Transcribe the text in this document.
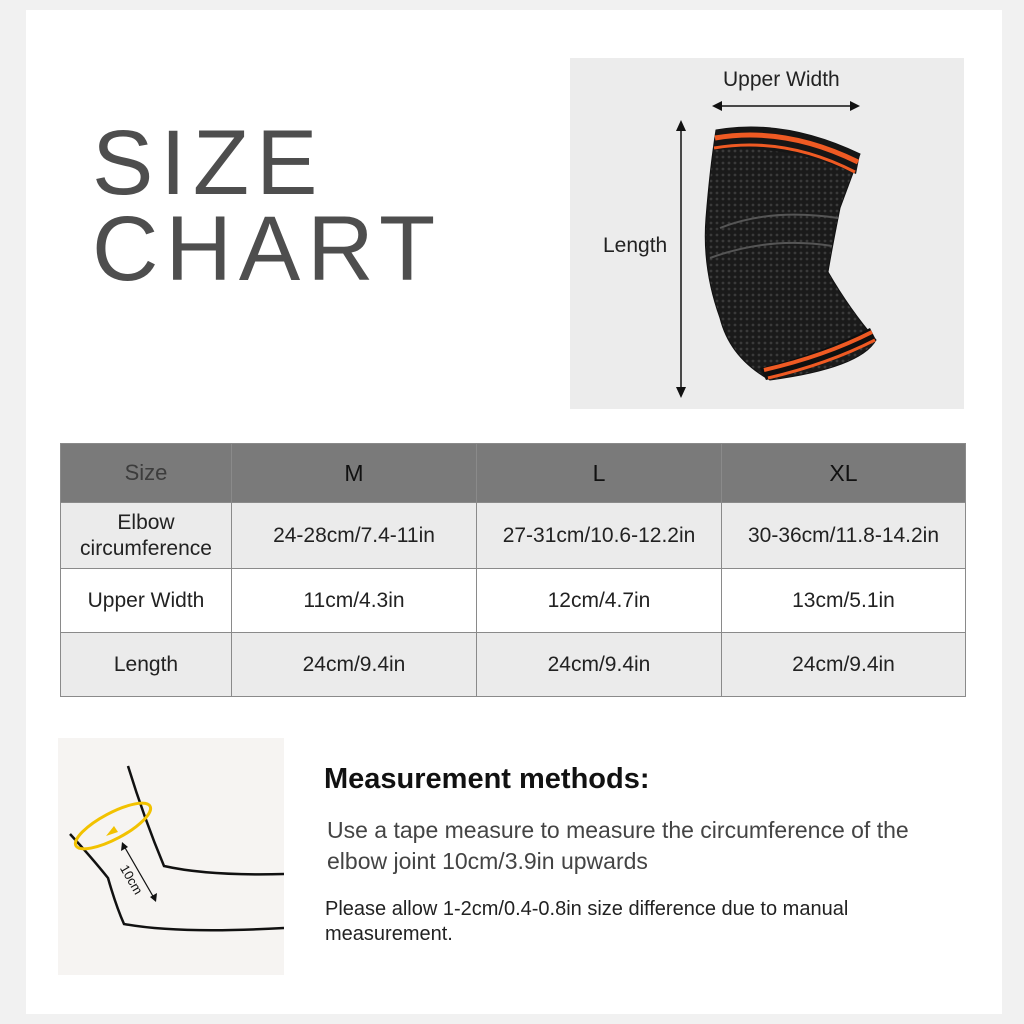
SIZE
CHART
Upper Width
Length
Size	M	L	XL
Elbow circumference	24-28cm/7.4-11in	27-31cm/10.6-12.2in	30-36cm/11.8-14.2in
Upper Width	11cm/4.3in	12cm/4.7in	13cm/5.1in
Length	24cm/9.4in	24cm/9.4in	24cm/9.4in
10cm
Measurement methods:
Use a tape measure to measure the circumference of the elbow joint 10cm/3.9in upwards
Please allow 1-2cm/0.4-0.8in size difference due to manual measurement.
